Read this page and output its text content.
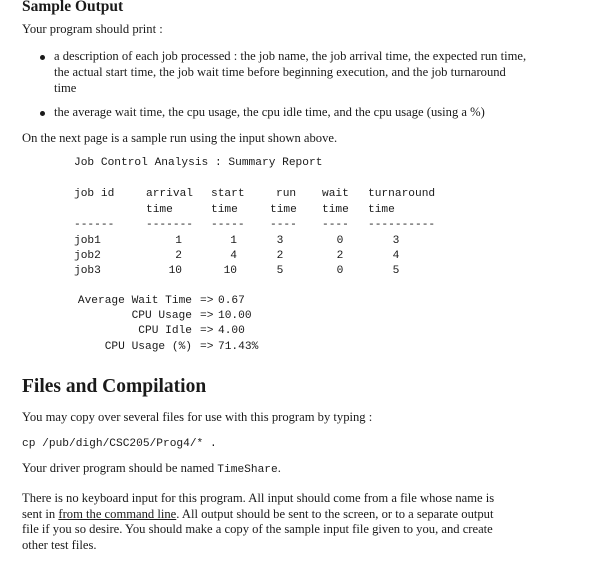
Sample Output
Your program should print :
a description of each job processed : the job name, the job arrival time, the expected run time,
the actual start time, the job wait time before beginning execution, and the job turnaround
time
the average wait time, the cpu usage, the cpu idle time, and the cpu usage (using a %)
On the next page is a sample run using the input shown above.
Job Control Analysis : Summary Report
job id	arrival start	run wait turnaround
time	time	time time time
------	------- ----- ---- ---- ----------
job1	1	1	3	0	3
job2	2	4	2	2	4
job3	10	10	5	0	5
Average Wait Time => 0.67
CPU Usage => 10.00
CPU Idle => 4.00
CPU Usage (%) => 71.43%
Files and Compilation
You may copy over several files for use with this program by typing :
cp /pub/digh/CSC205/Prog4/* .
Your driver program should be named TimeShare.
There is no keyboard input for this program. All input should come from a file whose name is
sent in from the command line. All output should be sent to the screen, or to a separate output
file if you so desire. You should make a copy of the sample input file given to you, and create
other test files.
